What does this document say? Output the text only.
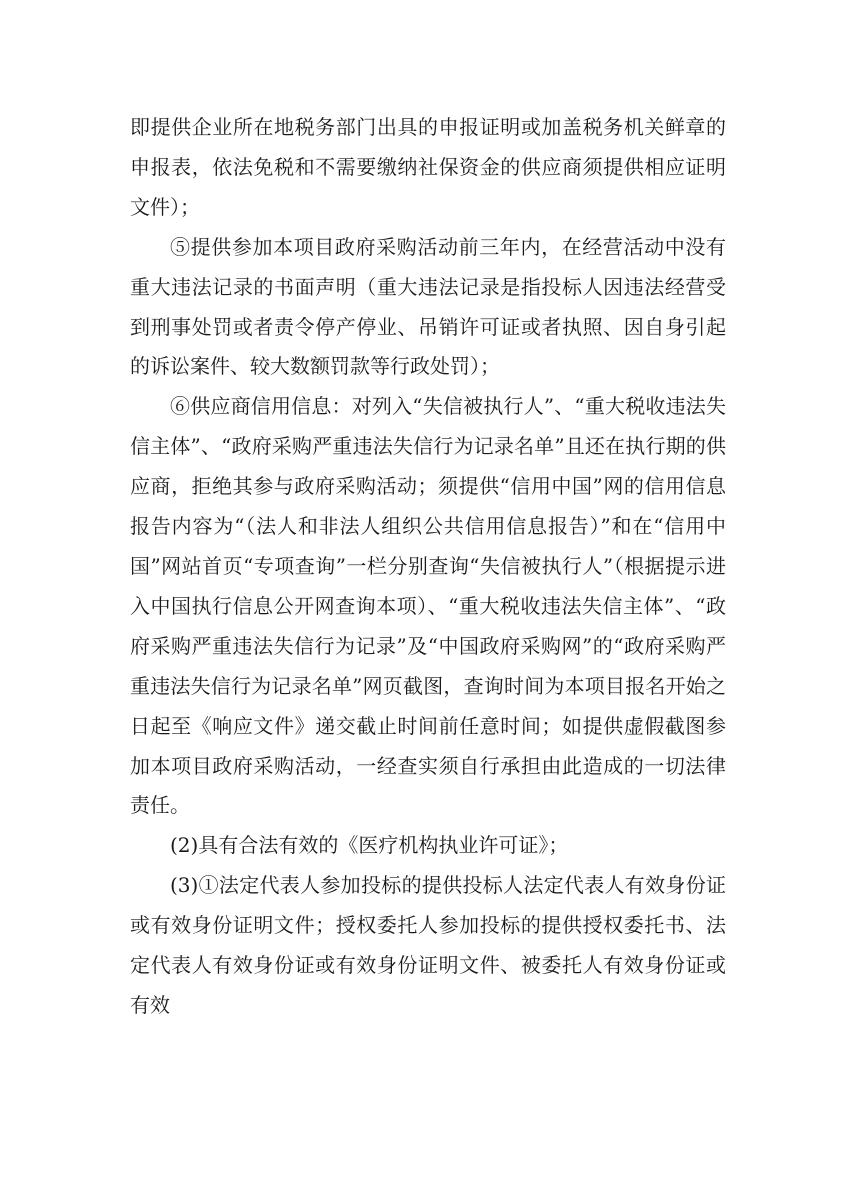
即提供企业所在地税务部门出具的申报证明或加盖税务机关鲜章的申报表，依法免税和不需要缴纳社保资金的供应商须提供相应证明文件）；

⑤提供参加本项目政府采购活动前三年内，在经营活动中没有重大违法记录的书面声明（重大违法记录是指投标人因违法经营受到刑事处罚或者责令停产停业、吊销许可证或者执照、因自身引起的诉讼案件、较大数额罚款等行政处罚）；

⑥供应商信用信息：对列入“失信被执行人”、“重大税收违法失信主体”、“政府采购严重违法失信行为记录名单”且还在执行期的供应商，拒绝其参与政府采购活动；须提供“信用中国”网的信用信息报告内容为“（法人和非法人组织公共信用信息报告）”和在“信用中国”网站首页“专项查询”一栏分别查询“失信被执行人”（根据提示进入中国执行信息公开网查询本项）、“重大税收违法失信主体”、“政府采购严重违法失信行为记录”及“中国政府采购网”的“政府采购严重违法失信行为记录名单”网页截图，查询时间为本项目报名开始之日起至《响应文件》递交截止时间前任意时间；如提供虚假截图参加本项目政府采购活动，一经查实须自行承担由此造成的一切法律责任。

(2)具有合法有效的《医疗机构执业许可证》；

(3)①法定代表人参加投标的提供投标人法定代表人有效身份证或有效身份证明文件；授权委托人参加投标的提供授权委托书、法定代表人有效身份证或有效身份证明文件、被委托人有效身份证或有效
